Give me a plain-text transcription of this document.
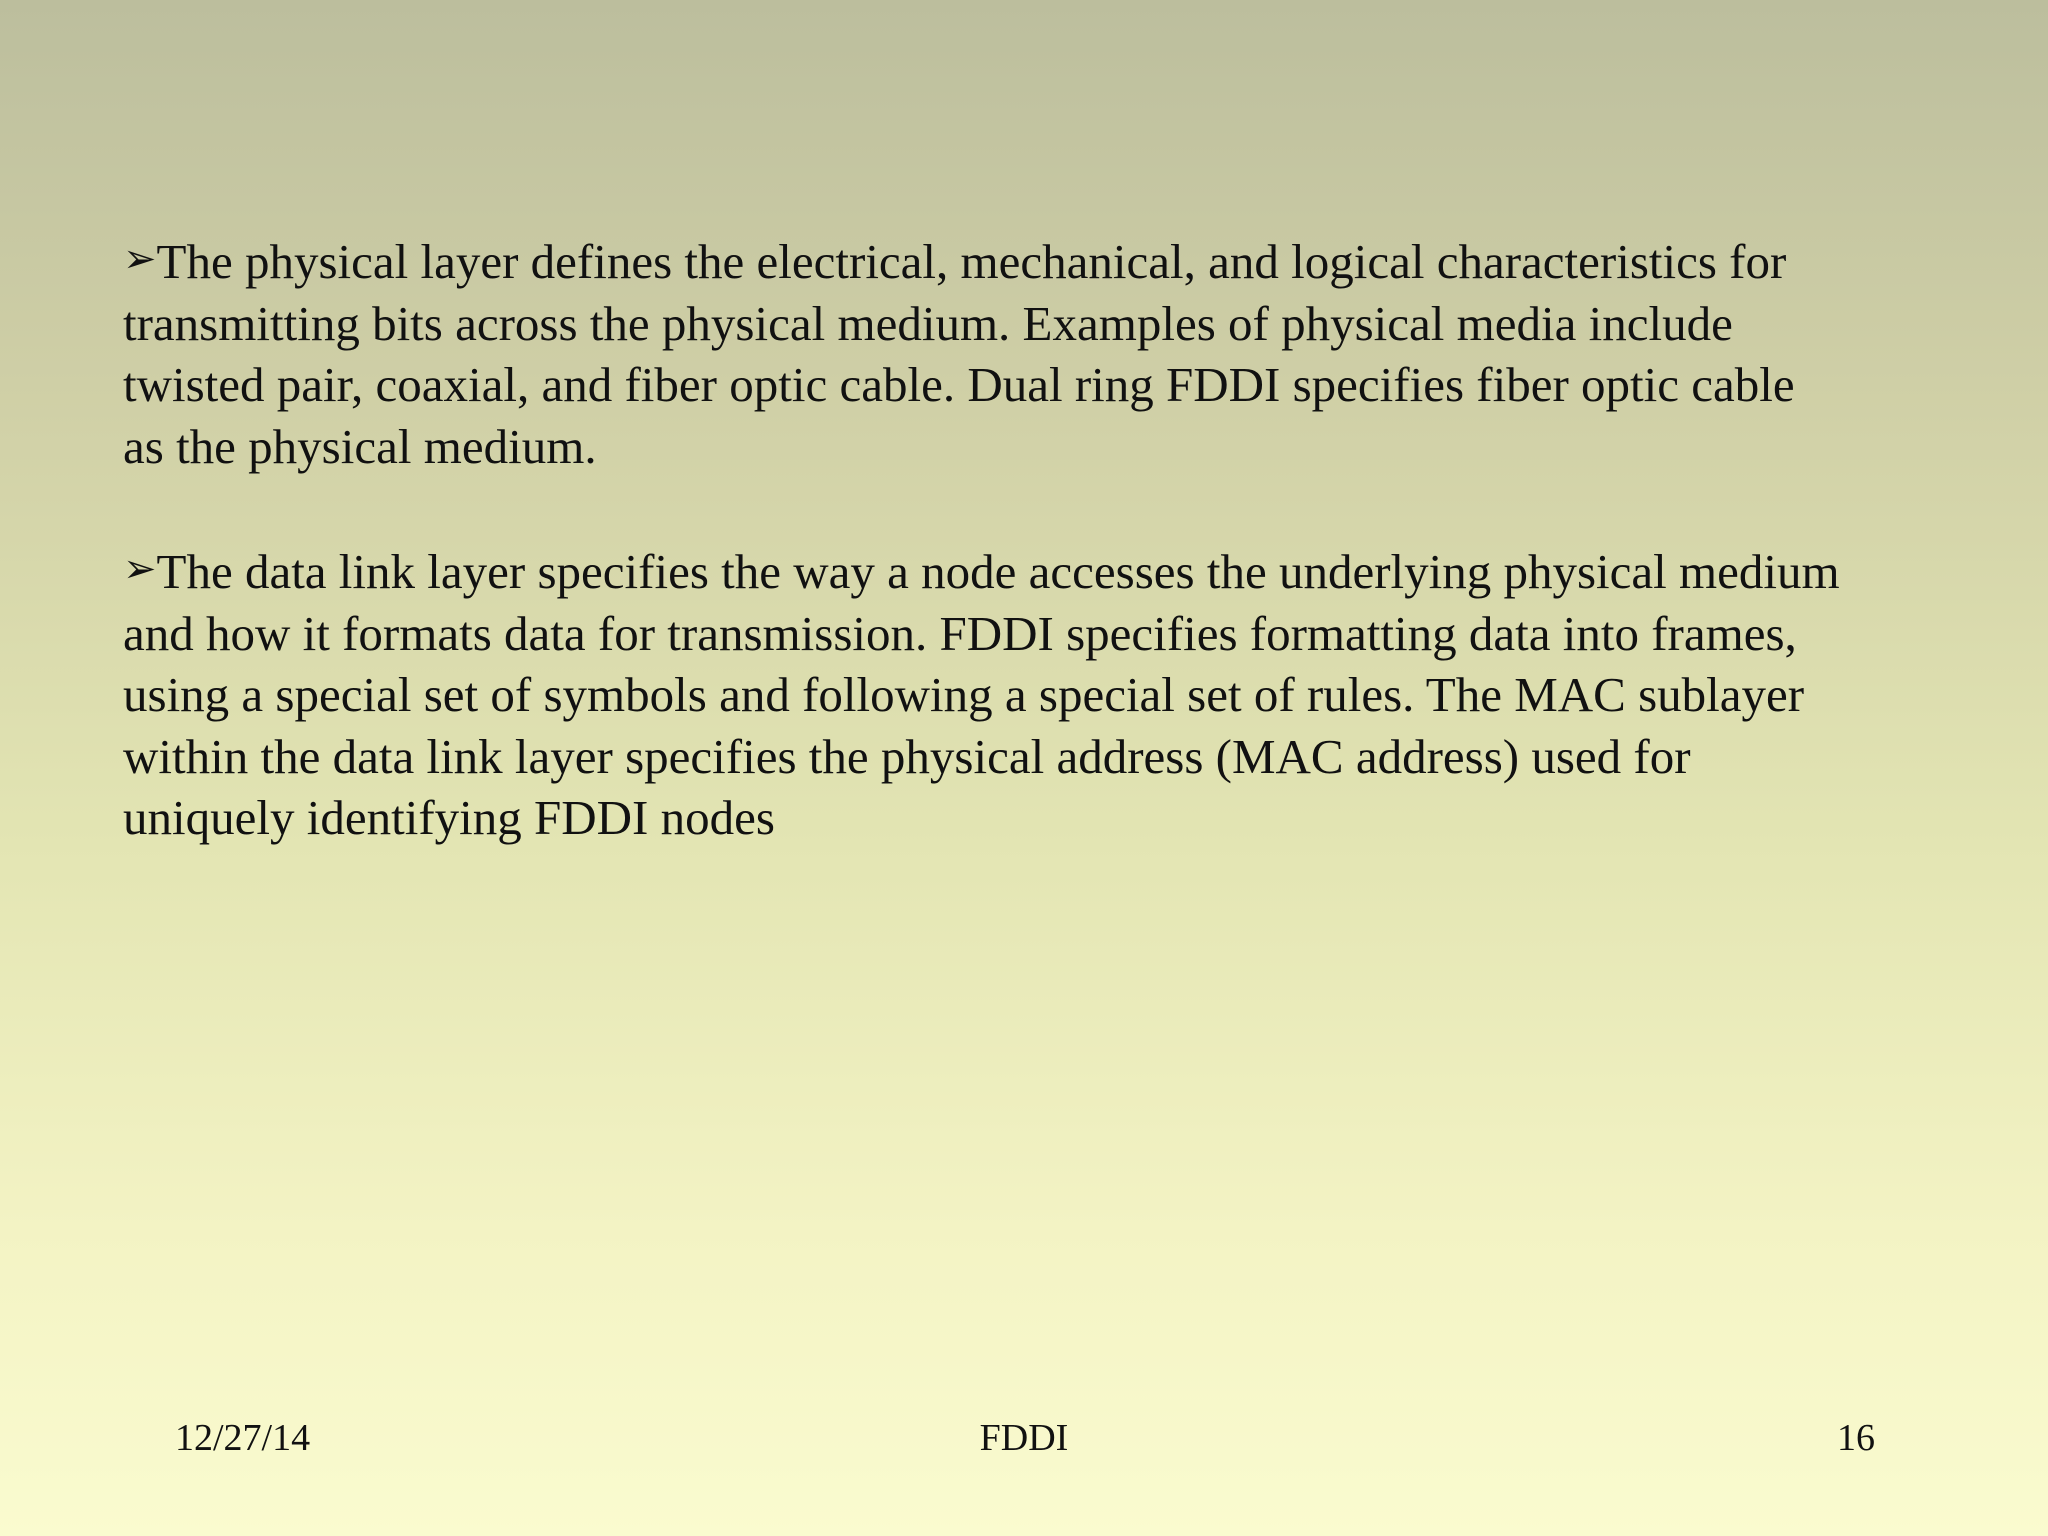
➢The physical layer defines the electrical, mechanical, and logical characteristics for transmitting bits across the physical medium. Examples of physical media include twisted pair, coaxial, and fiber optic cable. Dual ring FDDI specifies fiber optic cable as the physical medium.

➢The data link layer specifies the way a node accesses the underlying physical medium and how it formats data for transmission. FDDI specifies formatting data into frames, using a special set of symbols and following a special set of rules. The MAC sublayer within the data link layer specifies the physical address (MAC address) used for uniquely identifying FDDI nodes

12/27/14	FDDI	16
